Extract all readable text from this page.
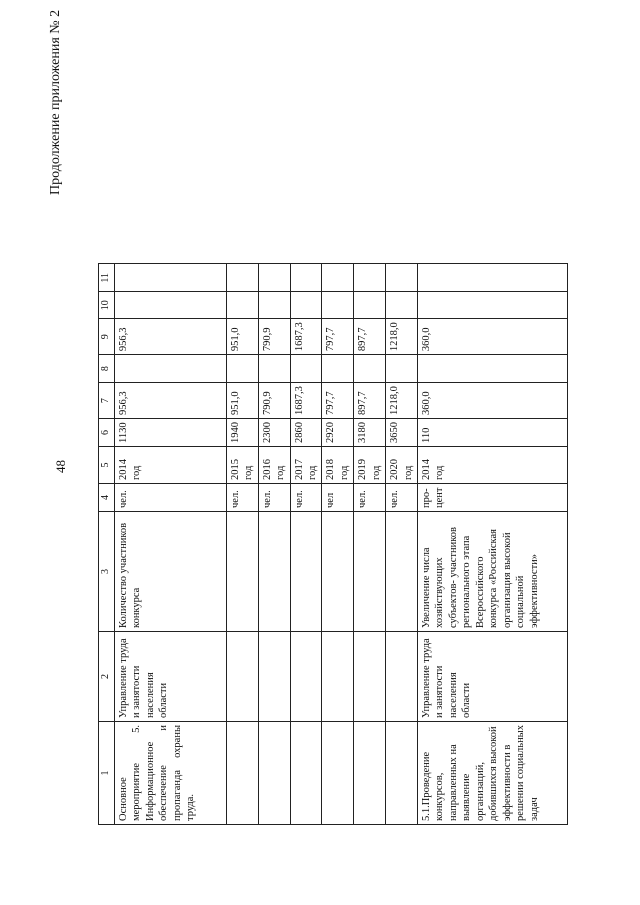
Продолжение приложения № 2
48
1	2	3	4	5	6	7	8	9	10	11
Основное мероприятие 5. Информационное обеспечение и пропаганда охраны труда.	Управление труда и занятости населения области	Количество участников конкурса	чел.	2014 год	1130	956,3		956,3		
			чел.	2015 год	1940	951,0		951,0		
			чел.	2016 год	2300	790,9		790,9		
			чел.	2017 год	2860	1687,3		1687,3		
			чел	2018 год	2920	797,7		797,7		
			чел.	2019 год	3180	897,7		897,7		
			чел.	2020 год	3650	1218,0		1218,0		
5.1.Проведение конкурсов, направленных на выявление организаций, добившихся высокой эффективности в решении социальных задач	Управление труда и занятости населения области	Увеличение числа хозяйствующих субъектов- участников регионального этапа Всероссийского конкурса «Российская организация высокой социальной эффективности»	про- цент	2014 год	110	360,0		360,0		
